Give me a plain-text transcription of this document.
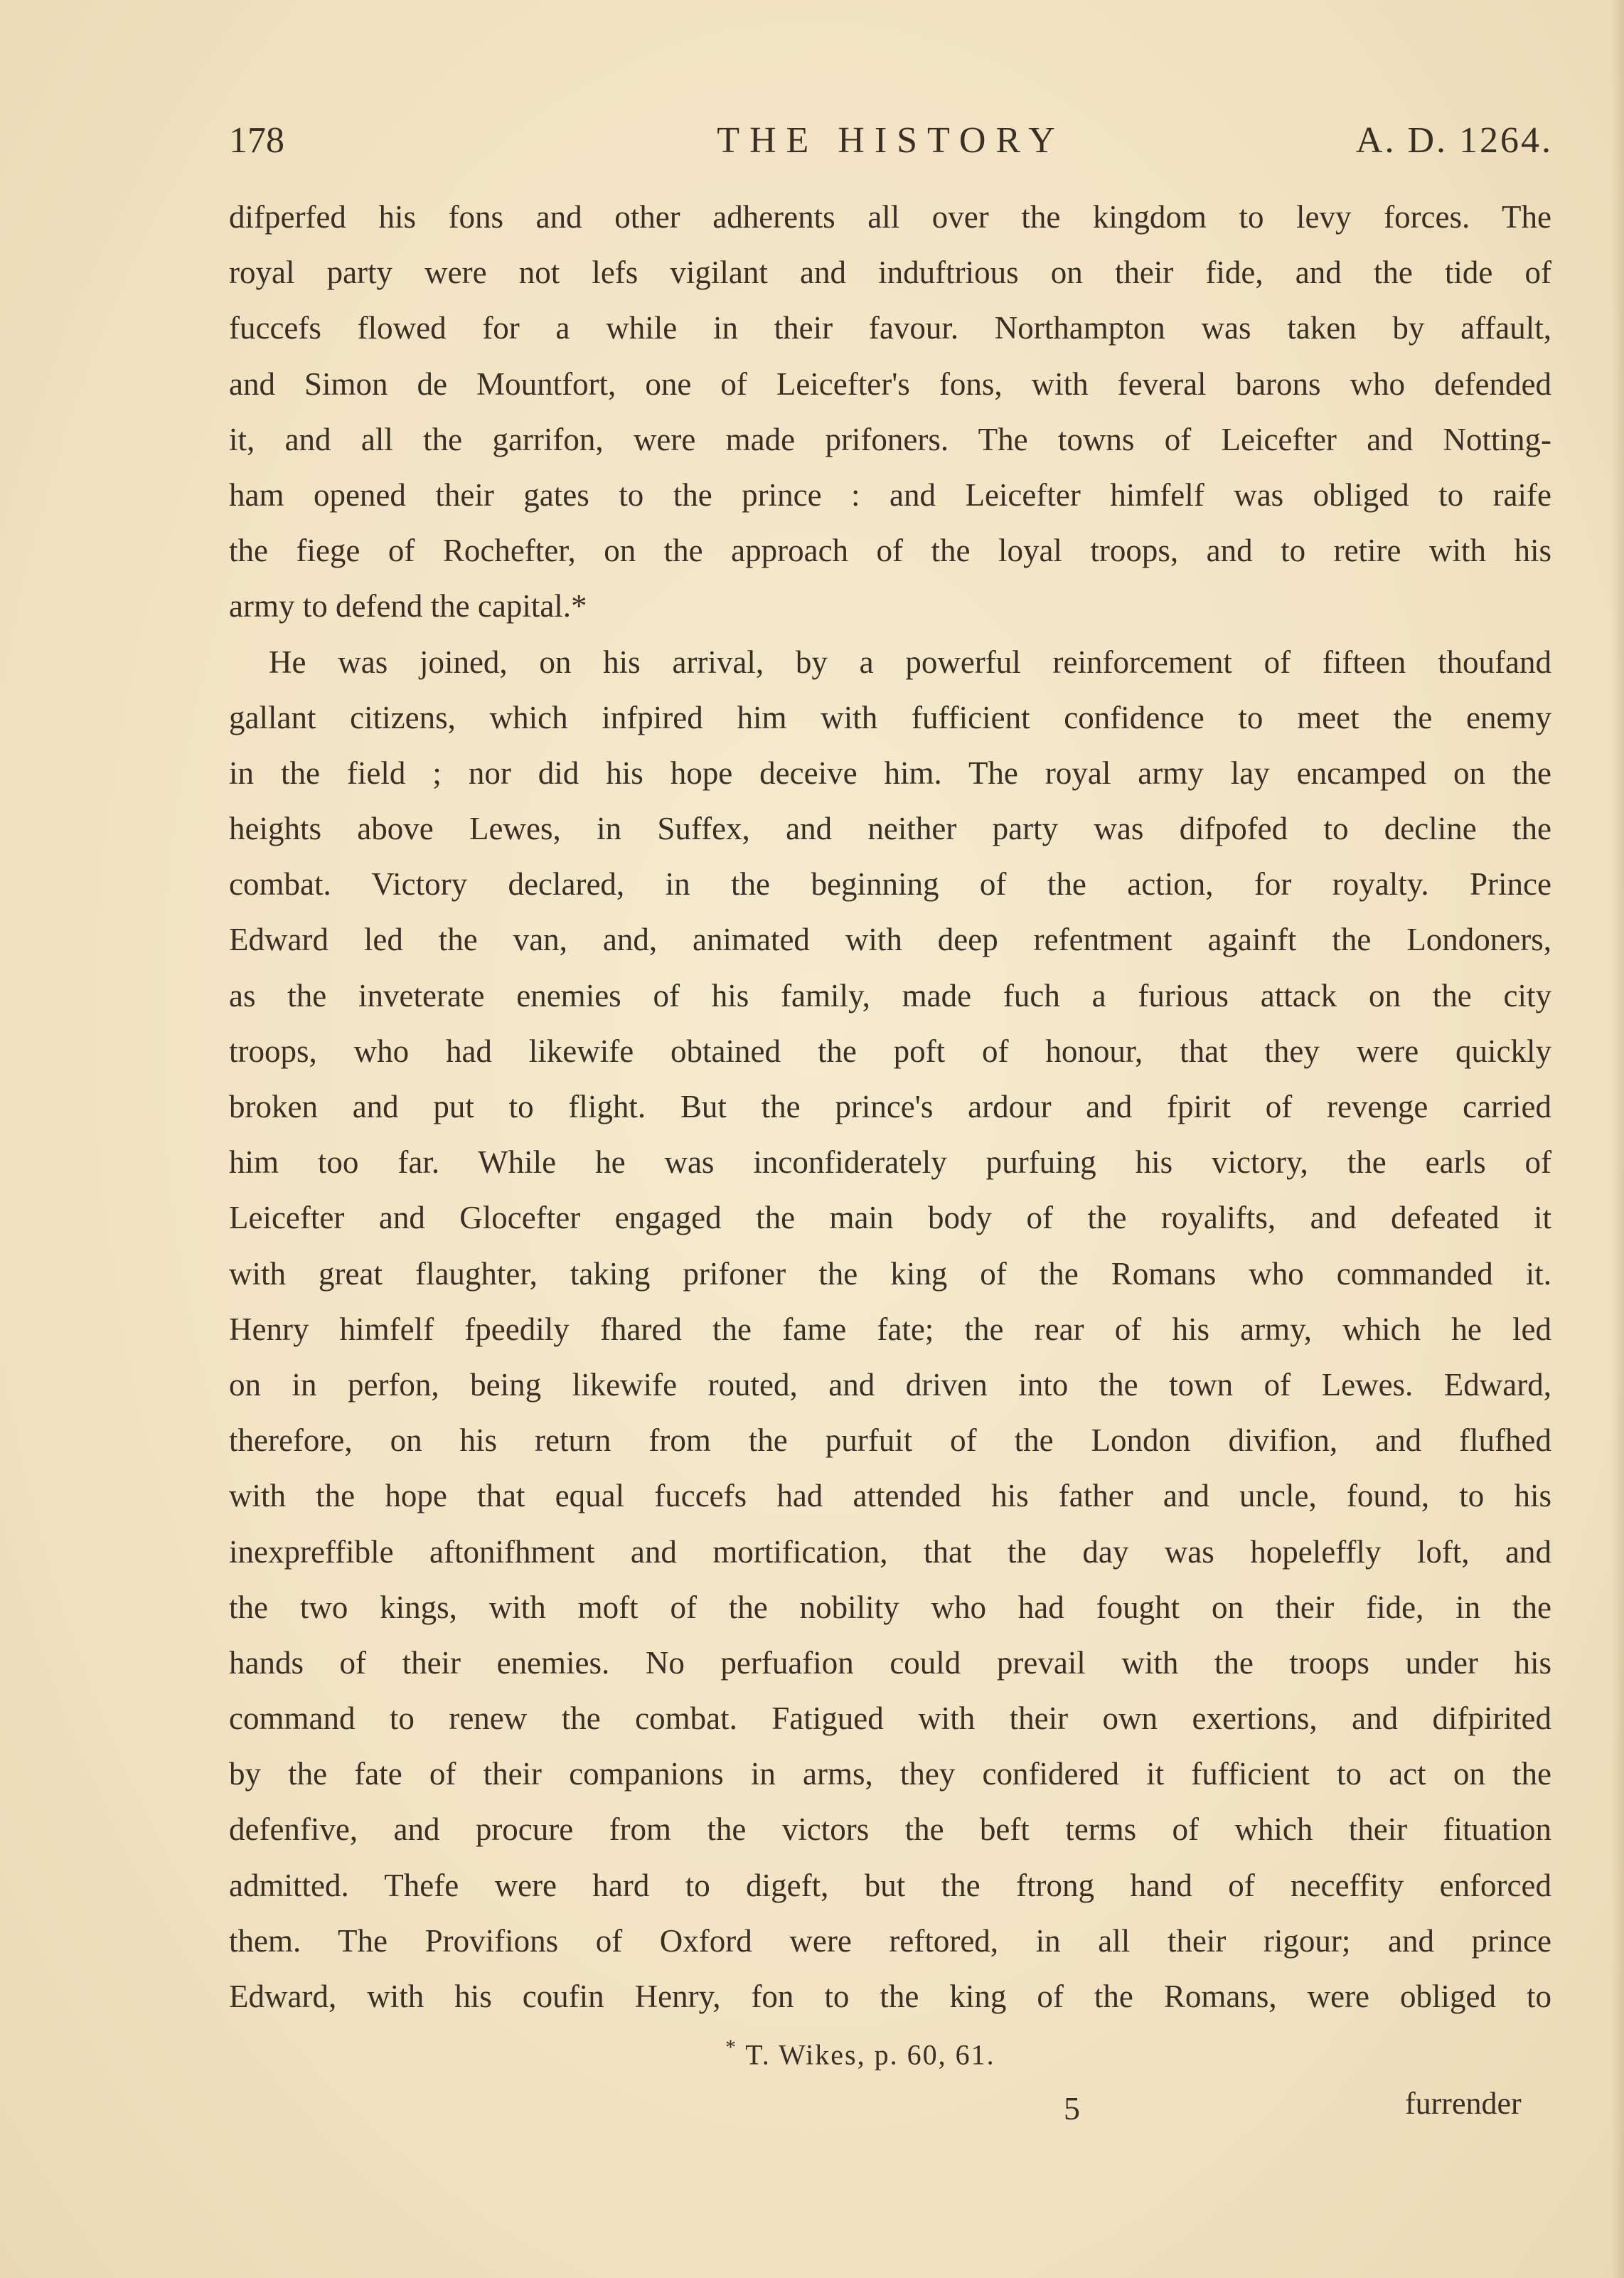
178	THE HISTORY	A. D. 1264.
difperfed his fons and other adherents all over the kingdom to levy forces. The
royal party were not lefs vigilant and induftrious on their fide, and the tide of
fuccefs flowed for a while in their favour. Northampton was taken by affault,
and Simon de Mountfort, one of Leicefter's fons, with feveral barons who defended
it, and all the garrifon, were made prifoners. The towns of Leicefter and Notting-
ham opened their gates to the prince : and Leicefter himfelf was obliged to raife
the fiege of Rochefter, on the approach of the loyal troops, and to retire with his
army to defend the capital.*
He was joined, on his arrival, by a powerful reinforcement of fifteen thoufand
gallant citizens, which infpired him with fufficient confidence to meet the enemy
in the field ; nor did his hope deceive him. The royal army lay encamped on the
heights above Lewes, in Suffex, and neither party was difpofed to decline the
combat. Victory declared, in the beginning of the action, for royalty. Prince
Edward led the van, and, animated with deep refentment againft the Londoners,
as the inveterate enemies of his family, made fuch a furious attack on the city
troops, who had likewife obtained the poft of honour, that they were quickly
broken and put to flight. But the prince's ardour and fpirit of revenge carried
him too far. While he was inconfiderately purfuing his victory, the earls of
Leicefter and Glocefter engaged the main body of the royalifts, and defeated it
with great flaughter, taking prifoner the king of the Romans who commanded it.
Henry himfelf fpeedily fhared the fame fate; the rear of his army, which he led
on in perfon, being likewife routed, and driven into the town of Lewes. Edward,
therefore, on his return from the purfuit of the London divifion, and flufhed
with the hope that equal fuccefs had attended his father and uncle, found, to his
inexpreffible aftonifhment and mortification, that the day was hopeleffly loft, and
the two kings, with moft of the nobility who had fought on their fide, in the
hands of their enemies. No perfuafion could prevail with the troops under his
command to renew the combat. Fatigued with their own exertions, and difpirited
by the fate of their companions in arms, they confidered it fufficient to act on the
defenfive, and procure from the victors the beft terms of which their fituation
admitted. Thefe were hard to digeft, but the ftrong hand of neceffity enforced
them. The Provifions of Oxford were reftored, in all their rigour; and prince
Edward, with his coufin Henry, fon to the king of the Romans, were obliged to
* T. Wikes, p. 60, 61.
5	furrender
